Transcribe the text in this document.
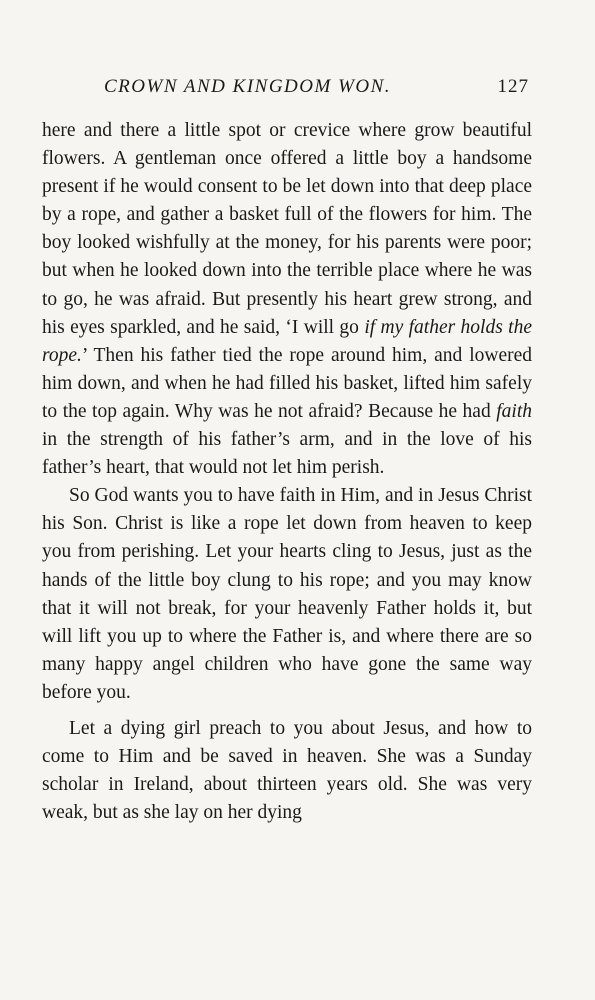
CROWN AND KINGDOM WON.	127

here and there a little spot or crevice where grow beautiful flowers. A gentleman once offered a little boy a handsome present if he would consent to be let down into that deep place by a rope, and gather a basket full of the flowers for him. The boy looked wishfully at the money, for his parents were poor; but when he looked down into the terrible place where he was to go, he was afraid. But presently his heart grew strong, and his eyes sparkled, and he said, ‘I will go if my father holds the rope.’ Then his father tied the rope around him, and lowered him down, and when he had filled his basket, lifted him safely to the top again. Why was he not afraid? Because he had faith in the strength of his father’s arm, and in the love of his father’s heart, that would not let him perish.

So God wants you to have faith in Him, and in Jesus Christ his Son. Christ is like a rope let down from heaven to keep you from perishing. Let your hearts cling to Jesus, just as the hands of the little boy clung to his rope; and you may know that it will not break, for your heavenly Father holds it, but will lift you up to where the Father is, and where there are so many happy angel children who have gone the same way before you.

Let a dying girl preach to you about Jesus, and how to come to Him and be saved in heaven. She was a Sunday scholar in Ireland, about thirteen years old. She was very weak, but as she lay on her dying
